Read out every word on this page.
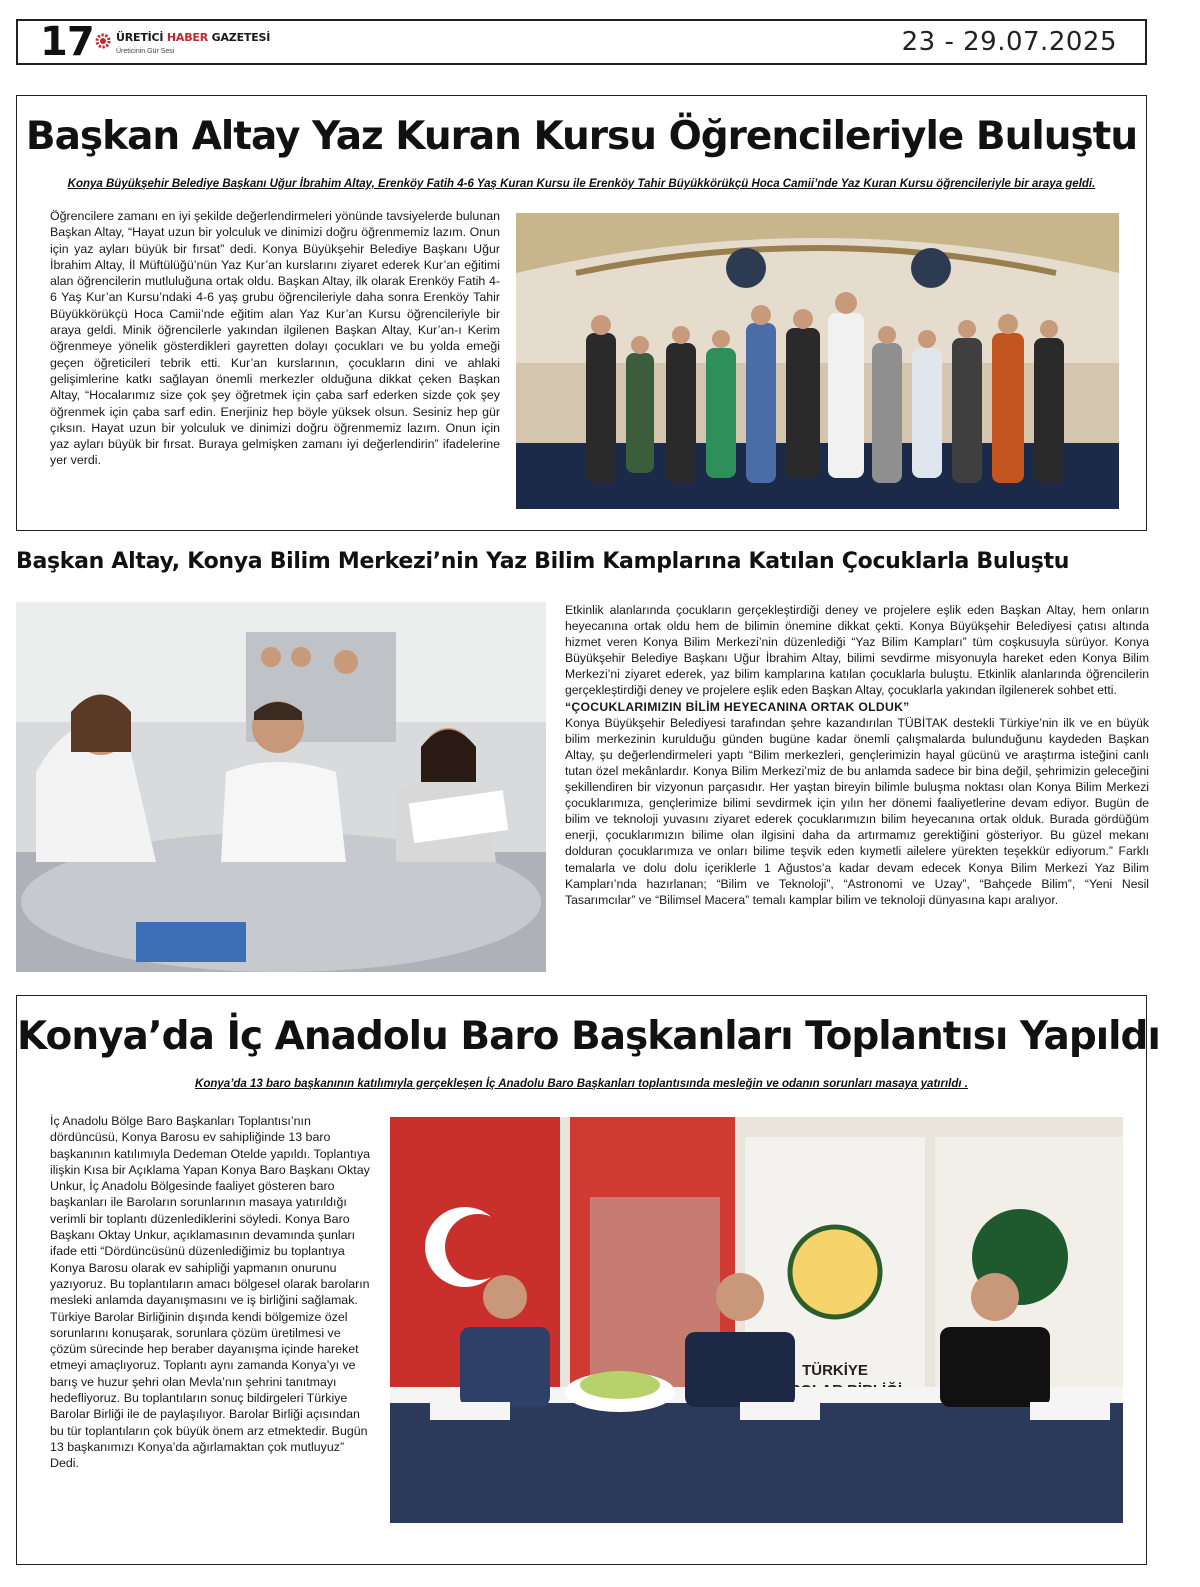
17 ÜRETİCİ HABER GAZETESİ
Üreticinin Gür Sesi	23 - 29.07.2025
Başkan Altay Yaz Kuran Kursu Öğrencileriyle Buluştu
Konya Büyükşehir Belediye Başkanı Uğur İbrahim Altay, Erenköy Fatih 4-6 Yaş Kuran Kursu ile Erenköy Tahir Büyükkörükçü Hoca Camii’nde Yaz Kuran Kursu öğrencileriyle bir araya geldi.
Öğrencilere zamanı en iyi şekilde değerlendirmeleri yönünde tavsiyelerde bulunan Başkan Altay, “Hayat uzun bir yolculuk ve dinimizi doğru öğrenmemiz lazım. Onun için yaz ayları büyük bir fırsat” dedi. Konya Büyükşehir Belediye Başkanı Uğur İbrahim Altay, İl Müftülüğü’nün Yaz Kur’an kurslarını ziyaret ederek Kur’an eğitimi alan öğrencilerin mutluluğuna ortak oldu. Başkan Altay, ilk olarak Erenköy Fatih 4-6 Yaş Kur’an Kursu’ndaki 4-6 yaş grubu öğrencileriyle daha sonra Erenköy Tahir Büyükkörükçü Hoca Camii’nde eğitim alan Yaz Kur’an Kursu öğrencileriyle bir araya geldi. Minik öğrencilerle yakından ilgilenen Başkan Altay, Kur’an-ı Kerim öğrenmeye yönelik gösterdikleri gayretten dolayı çocukları ve bu yolda emeği geçen öğreticileri tebrik etti. Kur’an kurslarının, çocukların dini ve ahlaki gelişimlerine katkı sağlayan önemli merkezler olduğuna dikkat çeken Başkan Altay, “Hocalarımız size çok şey öğretmek için çaba sarf ederken sizde çok şey öğrenmek için çaba sarf edin. Enerjiniz hep böyle yüksek olsun. Sesiniz hep gür çıksın. Hayat uzun bir yolculuk ve dinimizi doğru öğrenmemiz lazım. Onun için yaz ayları büyük bir fırsat. Buraya gelmişken zamanı iyi değerlendirin” ifadelerine yer verdi.
Başkan Altay, Konya Bilim Merkezi’nin Yaz Bilim Kamplarına Katılan Çocuklarla Buluştu

Etkinlik alanlarında çocukların gerçekleştirdiği deney ve projelere eşlik eden Başkan Altay, hem onların heyecanına ortak oldu hem de bilimin önemine dikkat çekti. Konya Büyükşehir Belediyesi çatısı altında hizmet veren Konya Bilim Merkezi’nin düzenlediği “Yaz Bilim Kampları” tüm coşkusuyla sürüyor. Konya Büyükşehir Belediye Başkanı Uğur İbrahim Altay, bilimi sevdirme misyonuyla hareket eden Konya Bilim Merkezi’ni ziyaret ederek, yaz bilim kamplarına katılan çocuklarla buluştu. Etkinlik alanlarında öğrencilerin gerçekleştirdiği deney ve projelere eşlik eden Başkan Altay, çocuklarla yakından ilgilenerek sohbet etti.

“ÇOCUKLARIMIZIN BİLİM HEYECANINA ORTAK OLDUK”

Konya Büyükşehir Belediyesi tarafından şehre kazandırılan TÜBİTAK destekli Türkiye’nin ilk ve en büyük bilim merkezinin kurulduğu günden bugüne kadar önemli çalışmalarda bulunduğunu kaydeden Başkan Altay, şu değerlendirmeleri yaptı “Bilim merkezleri, gençlerimizin hayal gücünü ve araştırma isteğini canlı tutan özel mekânlardır. Konya Bilim Merkezi’miz de bu anlamda sadece bir bina değil, şehrimizin geleceğini şekillendiren bir vizyonun parçasıdır. Her yaştan bireyin bilimle buluşma noktası olan Konya Bilim Merkezi çocuklarımıza, gençlerimize bilimi sevdirmek için yılın her dönemi faaliyetlerine devam ediyor. Bugün de bilim ve teknoloji yuvasını ziyaret ederek çocuklarımızın bilim heyecanına ortak olduk. Burada gördüğüm enerji, çocuklarımızın bilime olan ilgisini daha da artırmamız gerektiğini gösteriyor. Bu güzel mekanı dolduran çocuklarımıza ve onları bilime teşvik eden kıymetli ailelere yürekten teşekkür ediyorum.” Farklı temalarla ve dolu dolu içeriklerle 1 Ağustos’a kadar devam edecek Konya Bilim Merkezi Yaz Bilim Kampları’nda hazırlanan; “Bilim ve Teknoloji”, “Astronomi ve Uzay”, “Bahçede Bilim”, “Yeni Nesil Tasarımcılar” ve “Bilimsel Macera” temalı kamplar bilim ve teknoloji dünyasına kapı aralıyor.

Konya’da İç Anadolu Baro Başkanları Toplantısı Yapıldı
Konya’da 13 baro başkanının katılımıyla gerçekleşen İç Anadolu Baro Başkanları toplantısında mesleğin ve odanın sorunları masaya yatırıldı .
İç Anadolu Bölge Baro Başkanları Toplantısı’nın dördüncüsü, Konya Barosu ev sahipliğinde 13 baro başkanının katılımıyla Dedeman Otelde yapıldı. Toplantıya ilişkin Kısa bir Açıklama Yapan Konya Baro Başkanı Oktay Unkur, İç Anadolu Bölgesinde faaliyet gösteren baro başkanları ile Baroların sorunlarının masaya yatırıldığı verimli bir toplantı düzenlediklerini söyledi. Konya Baro Başkanı Oktay Unkur, açıklamasının devamında şunları ifade etti “Dördüncüsünü düzenlediğimiz bu toplantıya Konya Barosu olarak ev sahipliği yapmanın onurunu yazıyoruz. Bu toplantıların amacı bölgesel olarak baroların mesleki anlamda dayanışmasını ve iş birliğini sağlamak. Türkiye Barolar Birliğinin dışında kendi bölgemize özel sorunlarını konuşarak, sorunlara çözüm üretilmesi ve çözüm sürecinde hep beraber dayanışma içinde hareket etmeyi amaçlıyoruz. Toplantı aynı zamanda Konya’yı ve barış ve huzur şehri olan Mevla’nın şehrini tanıtmayı hedefliyoruz. Bu toplantıların sonuç bildirgeleri Türkiye Barolar Birliği ile de paylaşılıyor. Barolar Birliği açısından bu tür toplantıların çok büyük önem arz etmektedir. Bugün 13 başkanımızı Konya’da ağırlamaktan çok mutluyuz” Dedi.
TÜRKİYE
